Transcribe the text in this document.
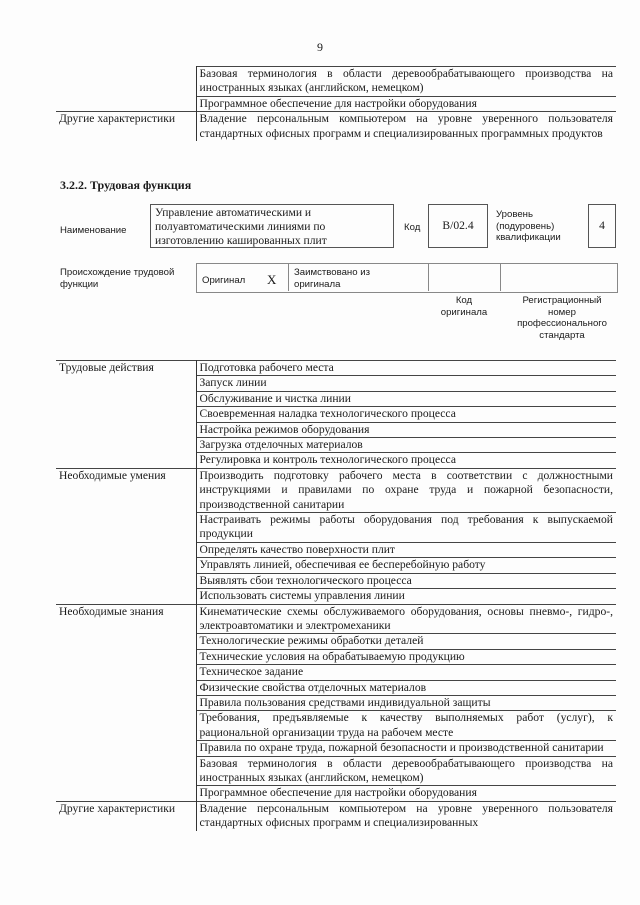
9
	Базовая терминология в области деревообрабатывающего производства на иностранных языках (английском, немецком)
	Программное обеспечение для настройки оборудования
Другие характеристики	Владение персональным компьютером на уровне уверенного пользователя стандартных офисных программ и специализированных программных продуктов
3.2.2. Трудовая функция
Наименование
Управление автоматическими и полуавтоматическими линиями по изготовлению кашированных плит
Код B/02.4
Уровень (подуровень) квалификации
4
Происхождение трудовой функции	Оригинал X Заимствовано из оригинала
Код оригинала
Регистрационный номер профессионального стандарта
Трудовые действия	Подготовка рабочего места
	Запуск линии
	Обслуживание и чистка линии
	Своевременная наладка технологического процесса
	Настройка режимов оборудования
	Загрузка отделочных материалов
	Регулировка и контроль технологического процесса
Необходимые умения	Производить подготовку рабочего места в соответствии с должностными инструкциями и правилами по охране труда и пожарной безопасности, производственной санитарии
	Настраивать режимы работы оборудования под требования к выпускаемой продукции
	Определять качество поверхности плит
	Управлять линией, обеспечивая ее бесперебойную работу
	Выявлять сбои технологического процесса
	Использовать системы управления линии
Необходимые знания	Кинематические схемы обслуживаемого оборудования, основы пневмо-, гидро-, электроавтоматики и электромеханики
	Технологические режимы обработки деталей
	Технические условия на обрабатываемую продукцию
	Техническое задание
	Физические свойства отделочных материалов
	Правила пользования средствами индивидуальной защиты
	Требования, предъявляемые к качеству выполняемых работ (услуг), к рациональной организации труда на рабочем месте
	Правила по охране труда, пожарной безопасности и производственной санитарии
	Базовая терминология в области деревообрабатывающего производства на иностранных языках (английском, немецком)
	Программное обеспечение для настройки оборудования
Другие характеристики	Владение персональным компьютером на уровне уверенного пользователя стандартных офисных программ и специализированных
